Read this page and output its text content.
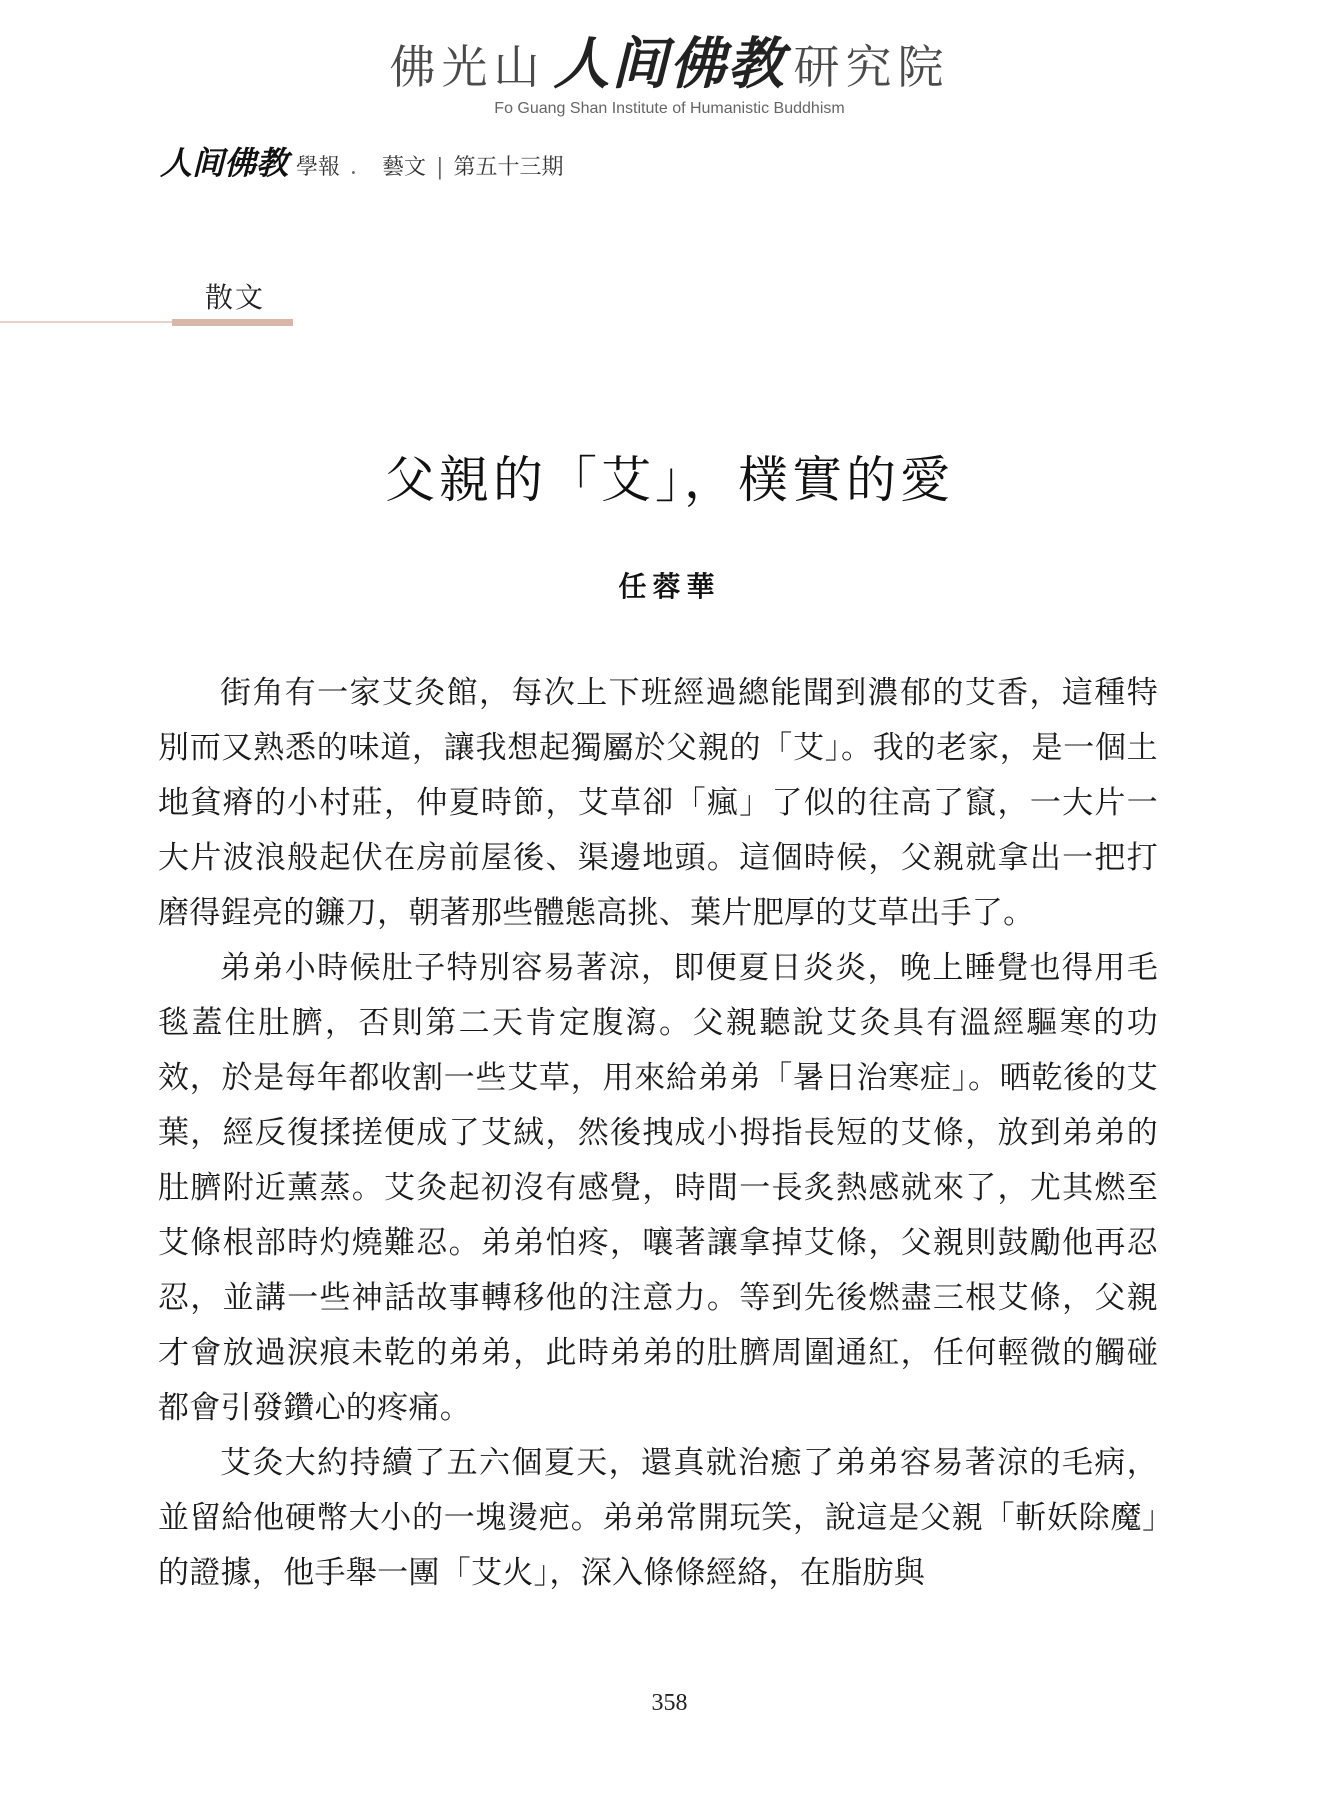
佛光山 人间佛教 研究院
Fo Guang Shan Institute of Humanistic Buddhism
人间佛教 學報 ． 藝文 | 第五十三期
散文
父親的「艾」，樸實的愛
任蓉華

街角有一家艾灸館，每次上下班經過總能聞到濃郁的艾香，這種特別而又熟悉的味道，讓我想起獨屬於父親的「艾」。我的老家，是一個土地貧瘠的小村莊，仲夏時節，艾草卻「瘋」了似的往高了竄，一大片一大片波浪般起伏在房前屋後、渠邊地頭。這個時候，父親就拿出一把打磨得鋥亮的鐮刀，朝著那些體態高挑、葉片肥厚的艾草出手了。

弟弟小時候肚子特別容易著涼，即便夏日炎炎，晚上睡覺也得用毛毯蓋住肚臍，否則第二天肯定腹瀉。父親聽說艾灸具有溫經驅寒的功效，於是每年都收割一些艾草，用來給弟弟「暑日治寒症」。晒乾後的艾葉，經反復揉搓便成了艾絨，然後拽成小拇指長短的艾條，放到弟弟的肚臍附近薰蒸。艾灸起初沒有感覺，時間一長炙熱感就來了，尤其燃至艾條根部時灼燒難忍。弟弟怕疼，嚷著讓拿掉艾條，父親則鼓勵他再忍忍，並講一些神話故事轉移他的注意力。等到先後燃盡三根艾條，父親才會放過淚痕未乾的弟弟，此時弟弟的肚臍周圍通紅，任何輕微的觸碰都會引發鑽心的疼痛。

艾灸大約持續了五六個夏天，還真就治癒了弟弟容易著涼的毛病，並留給他硬幣大小的一塊燙疤。弟弟常開玩笑，說這是父親「斬妖除魔」的證據，他手舉一團「艾火」，深入條條經絡，在脂肪與

358
